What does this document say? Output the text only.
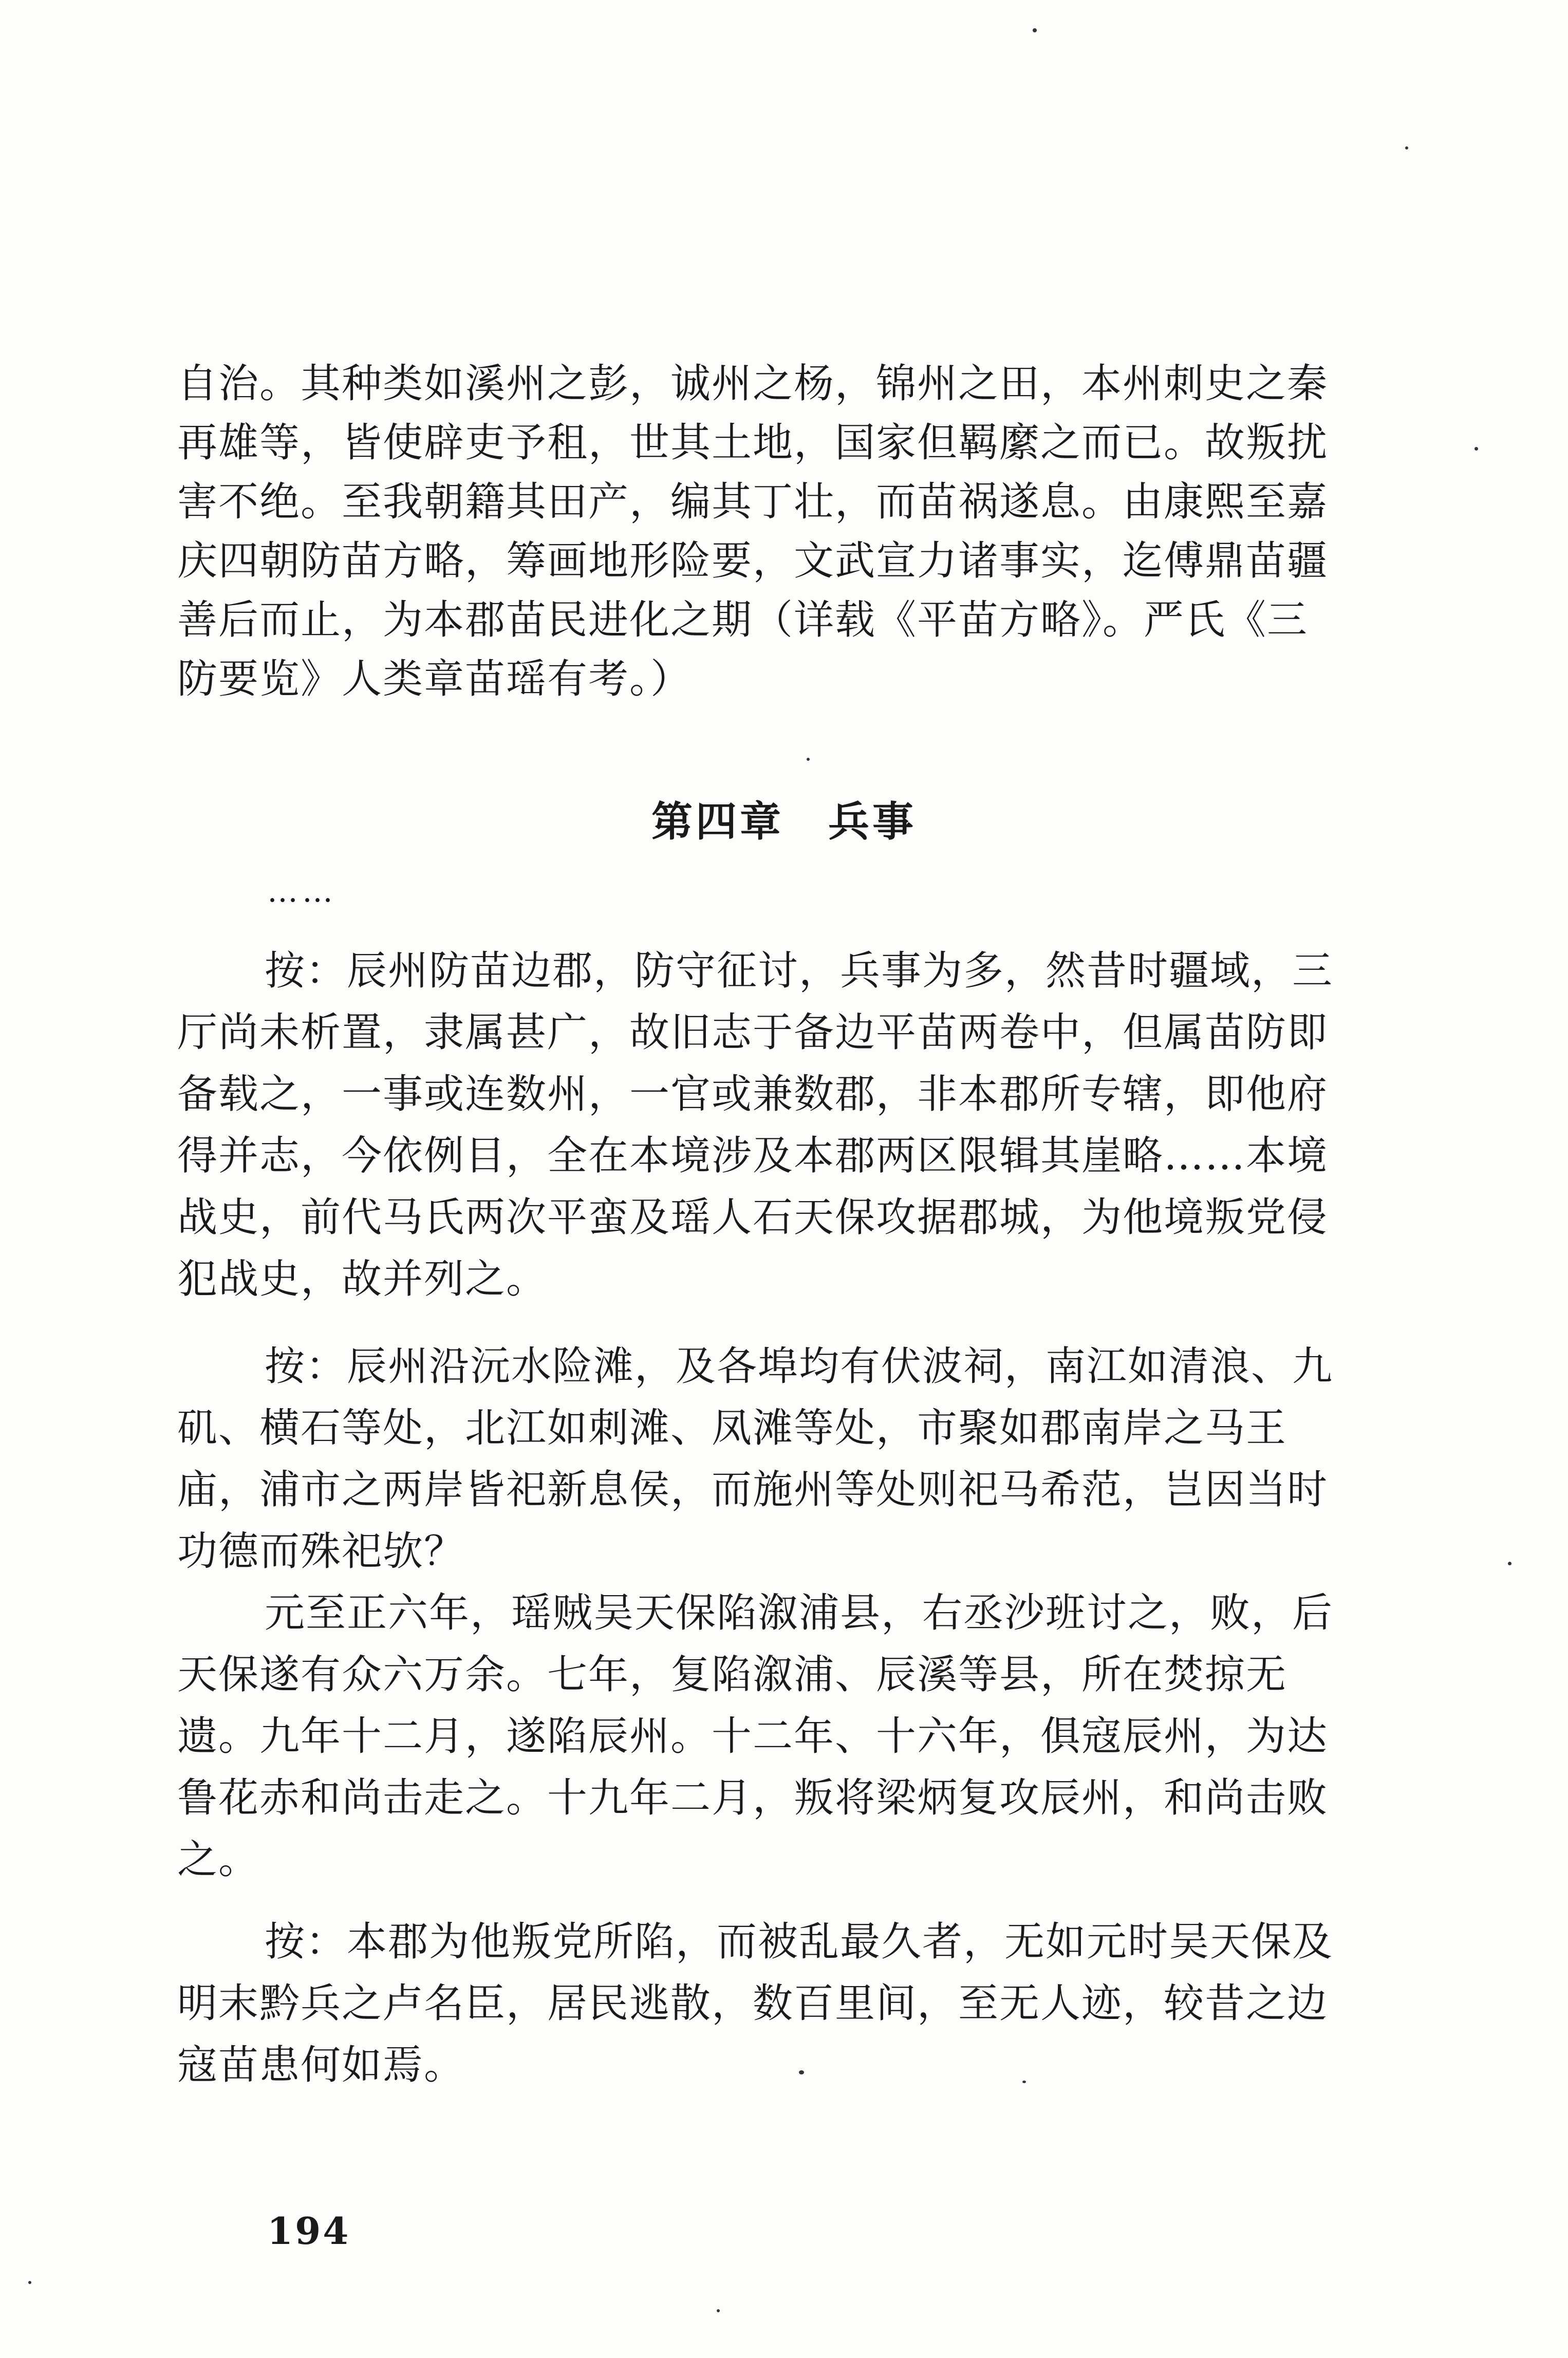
自治。其种类如溪州之彭，诚州之杨，锦州之田，本州刺史之秦
再雄等，皆使辟吏予租，世其土地，国家但羁縻之而已。故叛扰
害不绝。至我朝籍其田产，编其丁壮，而苗祸遂息。由康熙至嘉
庆四朝防苗方略，筹画地形险要，文武宣力诸事实，迄傅鼎苗疆
善后而止，为本郡苗民进化之期（详载《平苗方略》。严氏《三
防要览》人类章苗瑶有考。）
第四章　兵事
……
按：辰州防苗边郡，防守征讨，兵事为多，然昔时疆域，三
厅尚未析置，隶属甚广，故旧志于备边平苗两卷中，但属苗防即
备载之，一事或连数州，一官或兼数郡，非本郡所专辖，即他府
得并志，今依例目，全在本境涉及本郡两区限辑其崖略……本境
战史，前代马氏两次平蛮及瑶人石天保攻据郡城，为他境叛党侵
犯战史，故并列之。
按：辰州沿沅水险滩，及各埠均有伏波祠，南江如清浪、九
矶、横石等处，北江如刺滩、凤滩等处，市聚如郡南岸之马王
庙，浦市之两岸皆祀新息侯，而施州等处则祀马希范，岂因当时
功德而殊祀欤？
元至正六年，瑶贼吴天保陷溆浦县，右丞沙班讨之，败，后
天保遂有众六万余。七年，复陷溆浦、辰溪等县，所在焚掠无
遗。九年十二月，遂陷辰州。十二年、十六年，俱寇辰州，为达
鲁花赤和尚击走之。十九年二月，叛将梁炳复攻辰州，和尚击败
之。
按：本郡为他叛党所陷，而被乱最久者，无如元时吴天保及
明末黔兵之卢名臣，居民逃散，数百里间，至无人迹，较昔之边
寇苗患何如焉。
194
